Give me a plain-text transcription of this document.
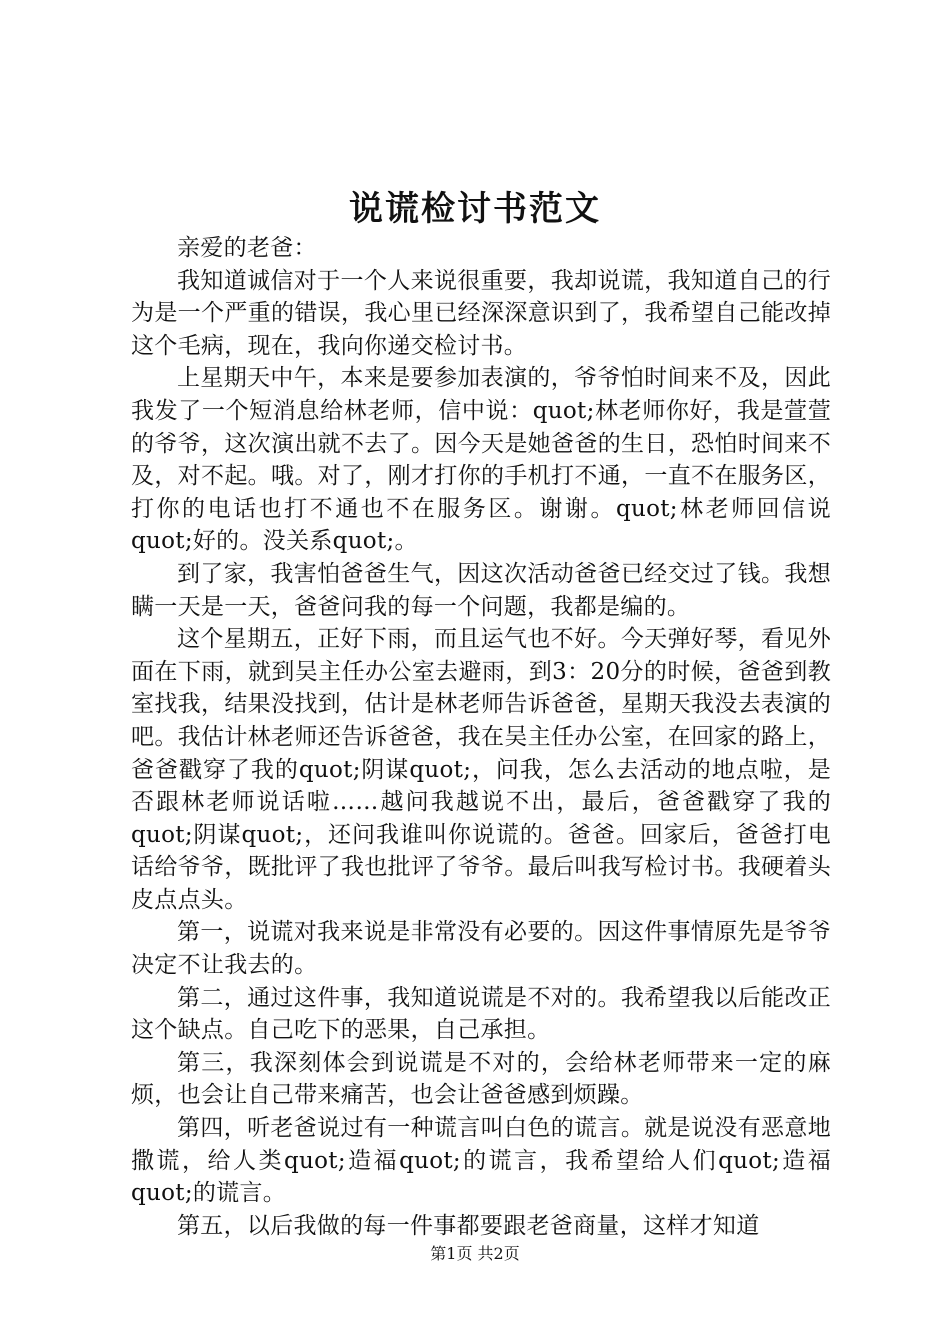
说谎检讨书范文

亲爱的老爸：

我知道诚信对于一个人来说很重要，我却说谎，我知道自己的行为是一个严重的错误，我心里已经深深意识到了，我希望自己能改掉这个毛病，现在，我向你递交检讨书。

上星期天中午，本来是要参加表演的，爷爷怕时间来不及，因此我发了一个短消息给林老师，信中说：quot;林老师你好，我是萱萱的爷爷，这次演出就不去了。因今天是她爸爸的生日，恐怕时间来不及，对不起。哦。对了，刚才打你的手机打不通，一直不在服务区，打你的电话也打不通也不在服务区。谢谢。quot;林老师回信说quot;好的。没关系quot;。

到了家，我害怕爸爸生气，因这次活动爸爸已经交过了钱。我想瞒一天是一天，爸爸问我的每一个问题，我都是编的。

这个星期五，正好下雨，而且运气也不好。今天弹好琴，看见外面在下雨，就到吴主任办公室去避雨，到3：20分的时候，爸爸到教室找我，结果没找到，估计是林老师告诉爸爸，星期天我没去表演的吧。我估计林老师还告诉爸爸，我在吴主任办公室，在回家的路上，爸爸戳穿了我的quot;阴谋quot;，问我，怎么去活动的地点啦，是否跟林老师说话啦……越问我越说不出，最后，爸爸戳穿了我的quot;阴谋quot;，还问我谁叫你说谎的。爸爸。回家后，爸爸打电话给爷爷，既批评了我也批评了爷爷。最后叫我写检讨书。我硬着头皮点点头。

第一，说谎对我来说是非常没有必要的。因这件事情原先是爷爷决定不让我去的。

第二，通过这件事，我知道说谎是不对的。我希望我以后能改正这个缺点。自己吃下的恶果，自己承担。

第三，我深刻体会到说谎是不对的，会给林老师带来一定的麻烦，也会让自己带来痛苦，也会让爸爸感到烦躁。

第四，听老爸说过有一种谎言叫白色的谎言。就是说没有恶意地撒谎，给人类quot;造福quot;的谎言，我希望给人们quot;造福quot;的谎言。

第五，以后我做的每一件事都要跟老爸商量，这样才知道

第1页 共2页
